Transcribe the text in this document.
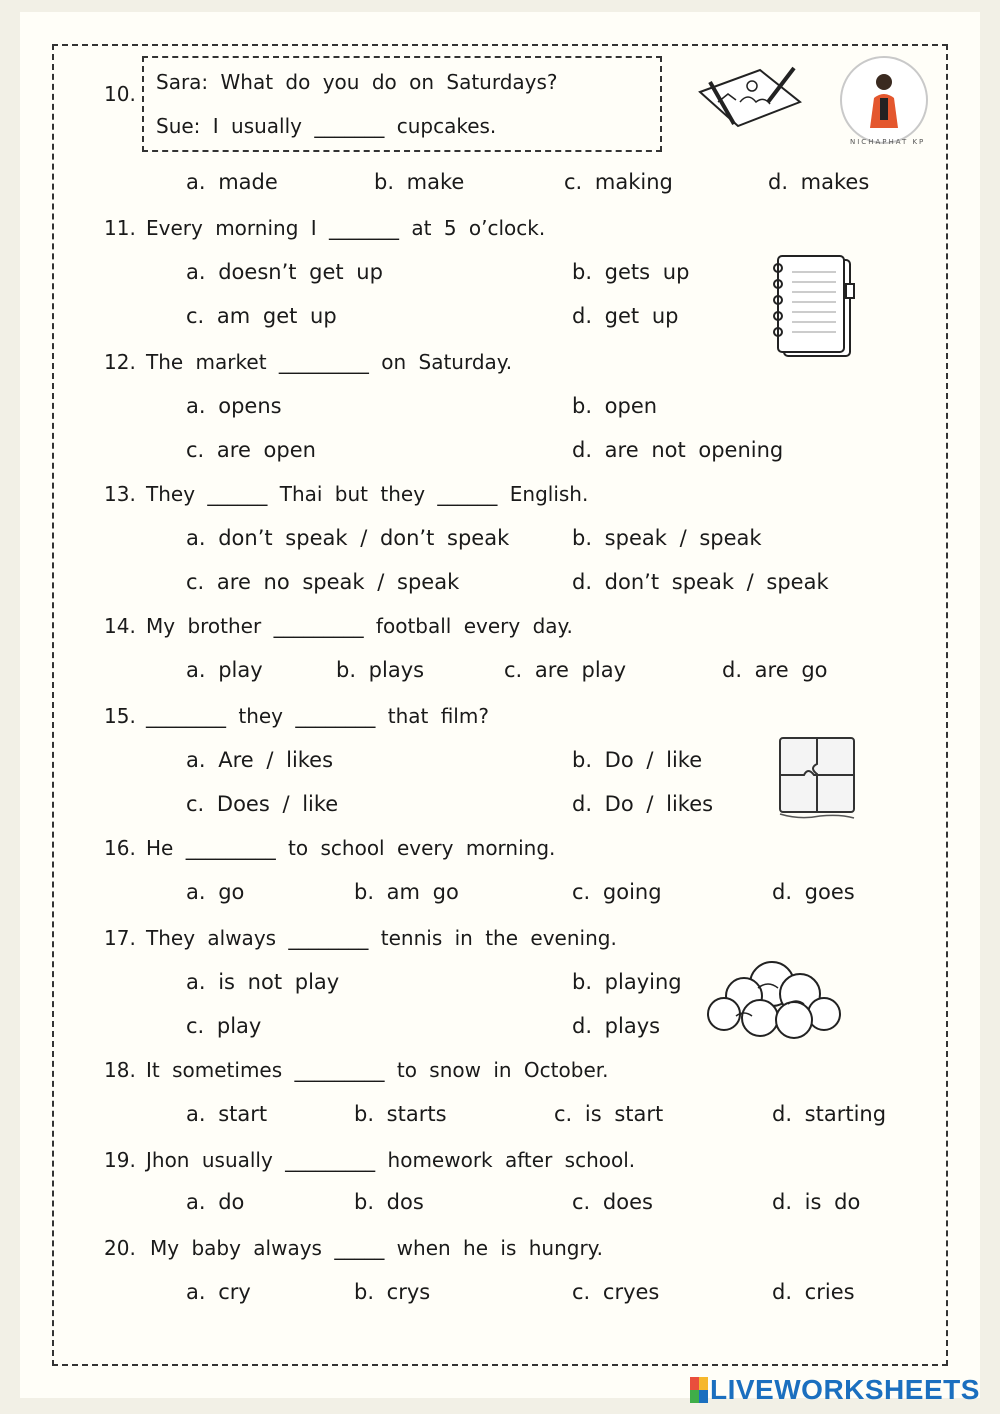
10. Sara: What do you do on Saturdays?
Sue: I usually _______ cupcakes.
NICHAPHAT KP
a. made	b. make	c. making	d. makes
11. Every morning I _______ at 5 o’clock.
a. doesn’t get up	b. gets up
c. am get up	d. get up
12. The market _________ on Saturday.
a. opens	b. open
c. are open	d. are not opening
13. They ______ Thai but they ______ English.
a. don’t speak / don’t speak	b. speak / speak
c. are no speak / speak	d. don’t speak / speak
14. My brother _________ football every day.
a. play	b. plays	c. are play	d. are go
15. ________ they ________ that film?
a. Are / likes	b. Do / like
c. Does / like	d. Do / likes
16. He _________ to school every morning.
a. go	b. am go	c. going	d. goes
17. They always ________ tennis in the evening.
a. is not play	b. playing
c. play	d. plays
18. It sometimes _________ to snow in October.
a. start	b. starts	c. is start	d. starting
19. Jhon usually _________ homework after school.
a. do	b. dos	c. does	d. is do
20. My baby always _____ when he is hungry.
a. cry	b. crys	c. cryes	d. cries
LIVEWORKSHEETS
